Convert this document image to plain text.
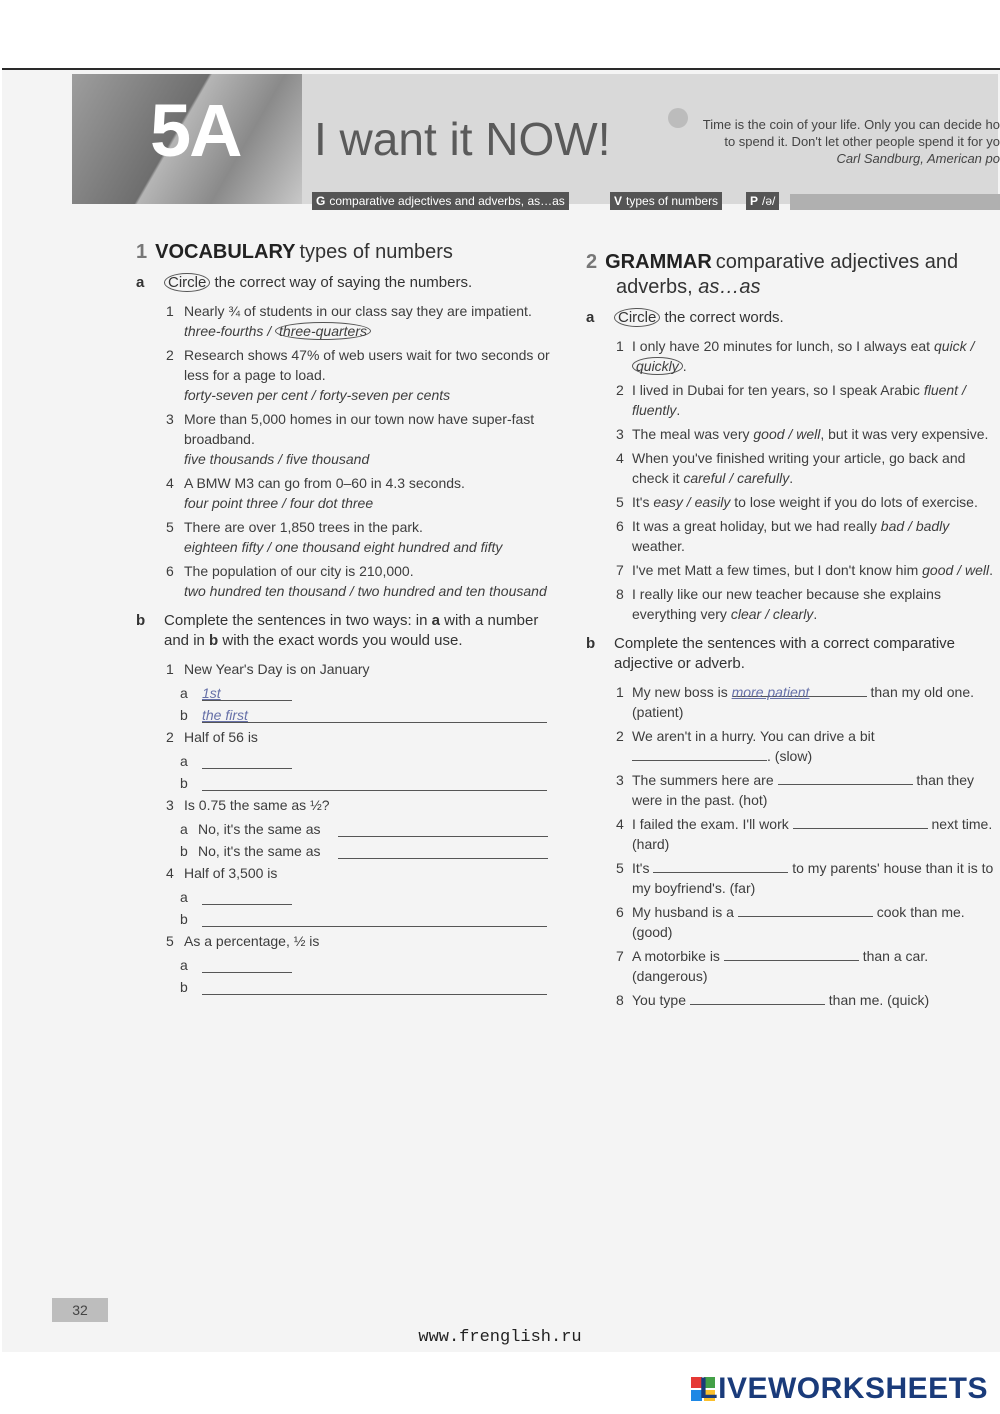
5A I want it NOW!	Time is the coin of your life. Only you can decide ho
to spend it. Don't let other people spend it for yo
Carl Sandburg, American po
G comparative adjectives and adverbs, as…as	V types of numbers	P /ə/
1 VOCABULARY types of numbers
a Circle the correct way of saying the numbers.
1 Nearly ¾ of students in our class say they are impatient.
three-fourths / three-quarters
2 Research shows 47% of web users wait for two seconds or less for a page to load.
forty-seven per cent / forty-seven per cents
3 More than 5,000 homes in our town now have super-fast broadband.
five thousands / five thousand
4 A BMW M3 can go from 0–60 in 4.3 seconds.
four point three / four dot three
5 There are over 1,850 trees in the park.
eighteen fifty / one thousand eight hundred and fifty
6 The population of our city is 210,000.
two hundred ten thousand / two hundred and ten thousand
b Complete the sentences in two ways: in a with a number and in b with the exact words you would use.
1 New Year's Day is on January
a 1st
b the first
2 Half of 56 is
a
b
3 Is 0.75 the same as ½?
a No, it's the same as
b No, it's the same as
4 Half of 3,500 is
a
b
5 As a percentage, ½ is
a
b
2 GRAMMAR comparative adjectives and
adverbs, as…as
a Circle the correct words.
1 I only have 20 minutes for lunch, so I always eat quick / quickly .
2 I lived in Dubai for ten years, so I speak Arabic fluent / fluently.
3 The meal was very good / well, but it was very expensive.
4 When you've finished writing your article, go back and check it careful / carefully.
5 It's easy / easily to lose weight if you do lots of exercise.
6 It was a great holiday, but we had really bad / badly weather.
7 I've met Matt a few times, but I don't know him good / well.
8 I really like our new teacher because she explains everything very clear / clearly.
b Complete the sentences with a correct comparative adjective or adverb.
1 My new boss is more patient	than my old one.
(patient)
2 We aren't in a hurry. You can drive a bit . (slow)
3 The summers here are	than they were in the past. (hot)
4 I failed the exam. I'll work	next time. (hard)
5 It's	to my parents' house than it is to my boyfriend's. (far)
6 My husband is a	cook than me.
(good)
7 A motorbike is	than a car.
(dangerous)
8 You type	than me. (quick)
32
www.frenglish.ru
LIVEWORKSHEETS
